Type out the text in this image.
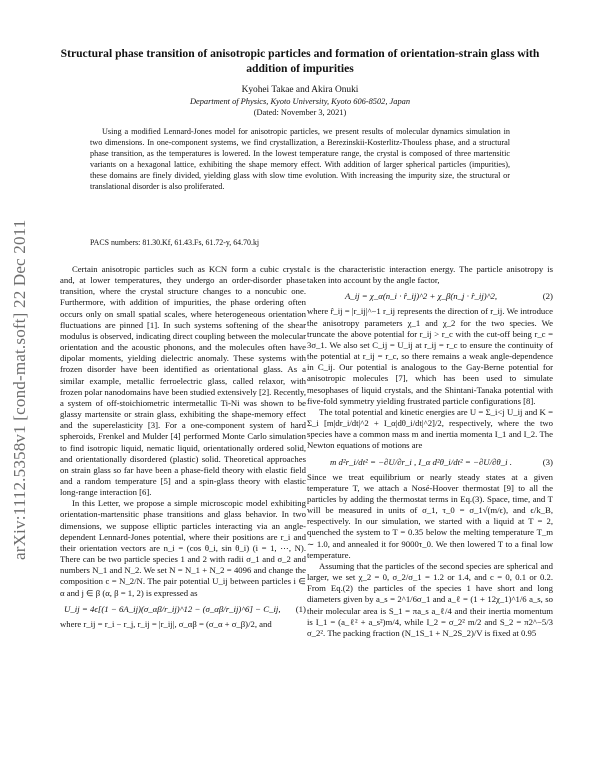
arXiv:1112.5358v1 [cond-mat.soft] 22 Dec 2011
Structural phase transition of anisotropic particles and formation of orientation-strain glass with addition of impurities
Kyohei Takae and Akira Onuki
Department of Physics, Kyoto University, Kyoto 606-8502, Japan
(Dated: November 3, 2021)
Using a modified Lennard-Jones model for anisotropic particles, we present results of molecular dynamics simulation in two dimensions. In one-component systems, we find crystallization, a Berezinskii-Kosterlitz-Thouless phase, and a structural phase transition, as the temperatures is lowered. In the lowest temperature range, the crystal is composed of three martensitic variants on a hexagonal lattice, exhibiting the shape memory effect. With addition of larger spherical particles (impurities), these domains are finely divided, yielding glass with slow time evolution. With increasing the impurity size, the structural or translational disorder is also proliferated.
PACS numbers: 81.30.Kf, 61.43.Fs, 61.72-y, 64.70.kj

Certain anisotropic particles such as KCN form a cubic crystal and, at lower temperatures, they undergo an order-disorder phase transition, where the crystal structure changes to a noncubic one. Furthermore, with addition of impurities, the phase ordering often occurs only on small spatial scales, where heterogeneous orientation fluctuations are pinned [1]. In such systems softening of the shear modulus is observed, indicating direct coupling between the molecular orientation and the acoustic phonons, and the molecules often have dipolar moments, yielding dielectric anomaly. These systems with frozen disorder have been identified as orientational glass. As a similar example, metallic ferroelectric glass, called relaxor, with frozen polar nanodomains have been studied extensively [2]. Recently, a system of off-stoichiometric intermetallic Ti-Ni was shown to be glassy martensite or strain glass, exhibiting the shape-memory effect and the superelasticity [3]. For a one-component system of hard spheroids, Frenkel and Mulder [4] performed Monte Carlo simulation to find isotropic liquid, nematic liquid, orientationally ordered solid, and orientationally disordered (plastic) solid. Theoretical approaches on strain glass so far have been a phase-field theory with elastic field and a random temperature [5] and a spin-glass theory with elastic long-range interaction [6].

In this Letter, we propose a simple microscopic model exhibiting orientation-martensitic phase transitions and glass behavior. In two dimensions, we suppose elliptic particles interacting via an angle-dependent Lennard-Jones potential, where their positions are r_i and their orientation vectors are n_i = (cos θ_i, sin θ_i) (i = 1, ⋯, N). There can be two particle species 1 and 2 with radii σ_1 and σ_2 and numbers N_1 and N_2. We set N = N_1 + N_2 = 4096 and change the composition c = N_2/N. The pair potential U_ij between particles i ∈ α and j ∈ β (α, β = 1, 2) is expressed as

U_ij = 4ϵ[(1 − 6A_ij)(σ_αβ/r_ij)^12 − (σ_αβ/r_ij)^6] − C_ij,	(1)

where r_ij = r_i − r_j, r_ij = |r_ij|, σ_αβ = (σ_α + σ_β)/2, and

ϵ is the characteristic interaction energy. The particle anisotropy is taken into account by the angle factor,

A_ij = χ_α(n_i · r̂_ij)^2 + χ_β(n_j · r̂_ij)^2,	(2)

where r̂_ij = |r_ij|^−1 r_ij represents the direction of r_ij. We introduce the anisotropy parameters χ_1 and χ_2 for the two species. We truncate the above potential for r_ij > r_c with the cut-off being r_c = 3σ_1. We also set C_ij = U_ij at r_ij = r_c to ensure the continuity of the potential at r_ij = r_c, so there remains a weak angle-dependence in C_ij. Our potential is analogous to the Gay-Berne potential for anisotropic molecules [7], which has been used to simulate mesophases of liquid crystals, and the Shintani-Tanaka potential with five-fold symmetry yielding frustrated particle configurations [8].

The total potential and kinetic energies are U = Σ_i<j U_ij and K = Σ_i [m|dr_i/dt|^2 + I_α|dθ_i/dt|^2]/2, respectively, where the two species have a common mass m and inertia momenta I_1 and I_2. The Newton equations of motions are

m d²r_i/dt² = −∂U/∂r_i , I_α d²θ_i/dt² = −∂U/∂θ_i .	(3)

Since we treat equilibrium or nearly steady states at a given temperature T, we attach a Nosé-Hoover thermostat [9] to all the particles by adding the thermostat terms in Eq.(3). Space, time, and T will be measured in units of σ_1, τ_0 = σ_1√(m/ϵ), and ϵ/k_B, respectively. In our simulation, we started with a liquid at T = 2, quenched the system to T = 0.35 below the melting temperature T_m ∼ 1.0, and annealed it for 9000τ_0. We then lowered T to a final low temperature.

Assuming that the particles of the second species are spherical and larger, we set χ_2 = 0, σ_2/σ_1 = 1.2 or 1.4, and c = 0, 0.1 or 0.2. From Eq.(2) the particles of the species 1 have short and long diameters given by a_s = 2^1/6σ_1 and a_ℓ = (1 + 12χ_1)^1/6 a_s, so their molecular area is S_1 = πa_s a_ℓ/4 and their inertia momentum is I_1 = (a_ℓ² + a_s²)m/4, while I_2 = σ_2² m/2 and S_2 = π2^−5/3 σ_2². The packing fraction (N_1S_1 + N_2S_2)/V is fixed at 0.95
